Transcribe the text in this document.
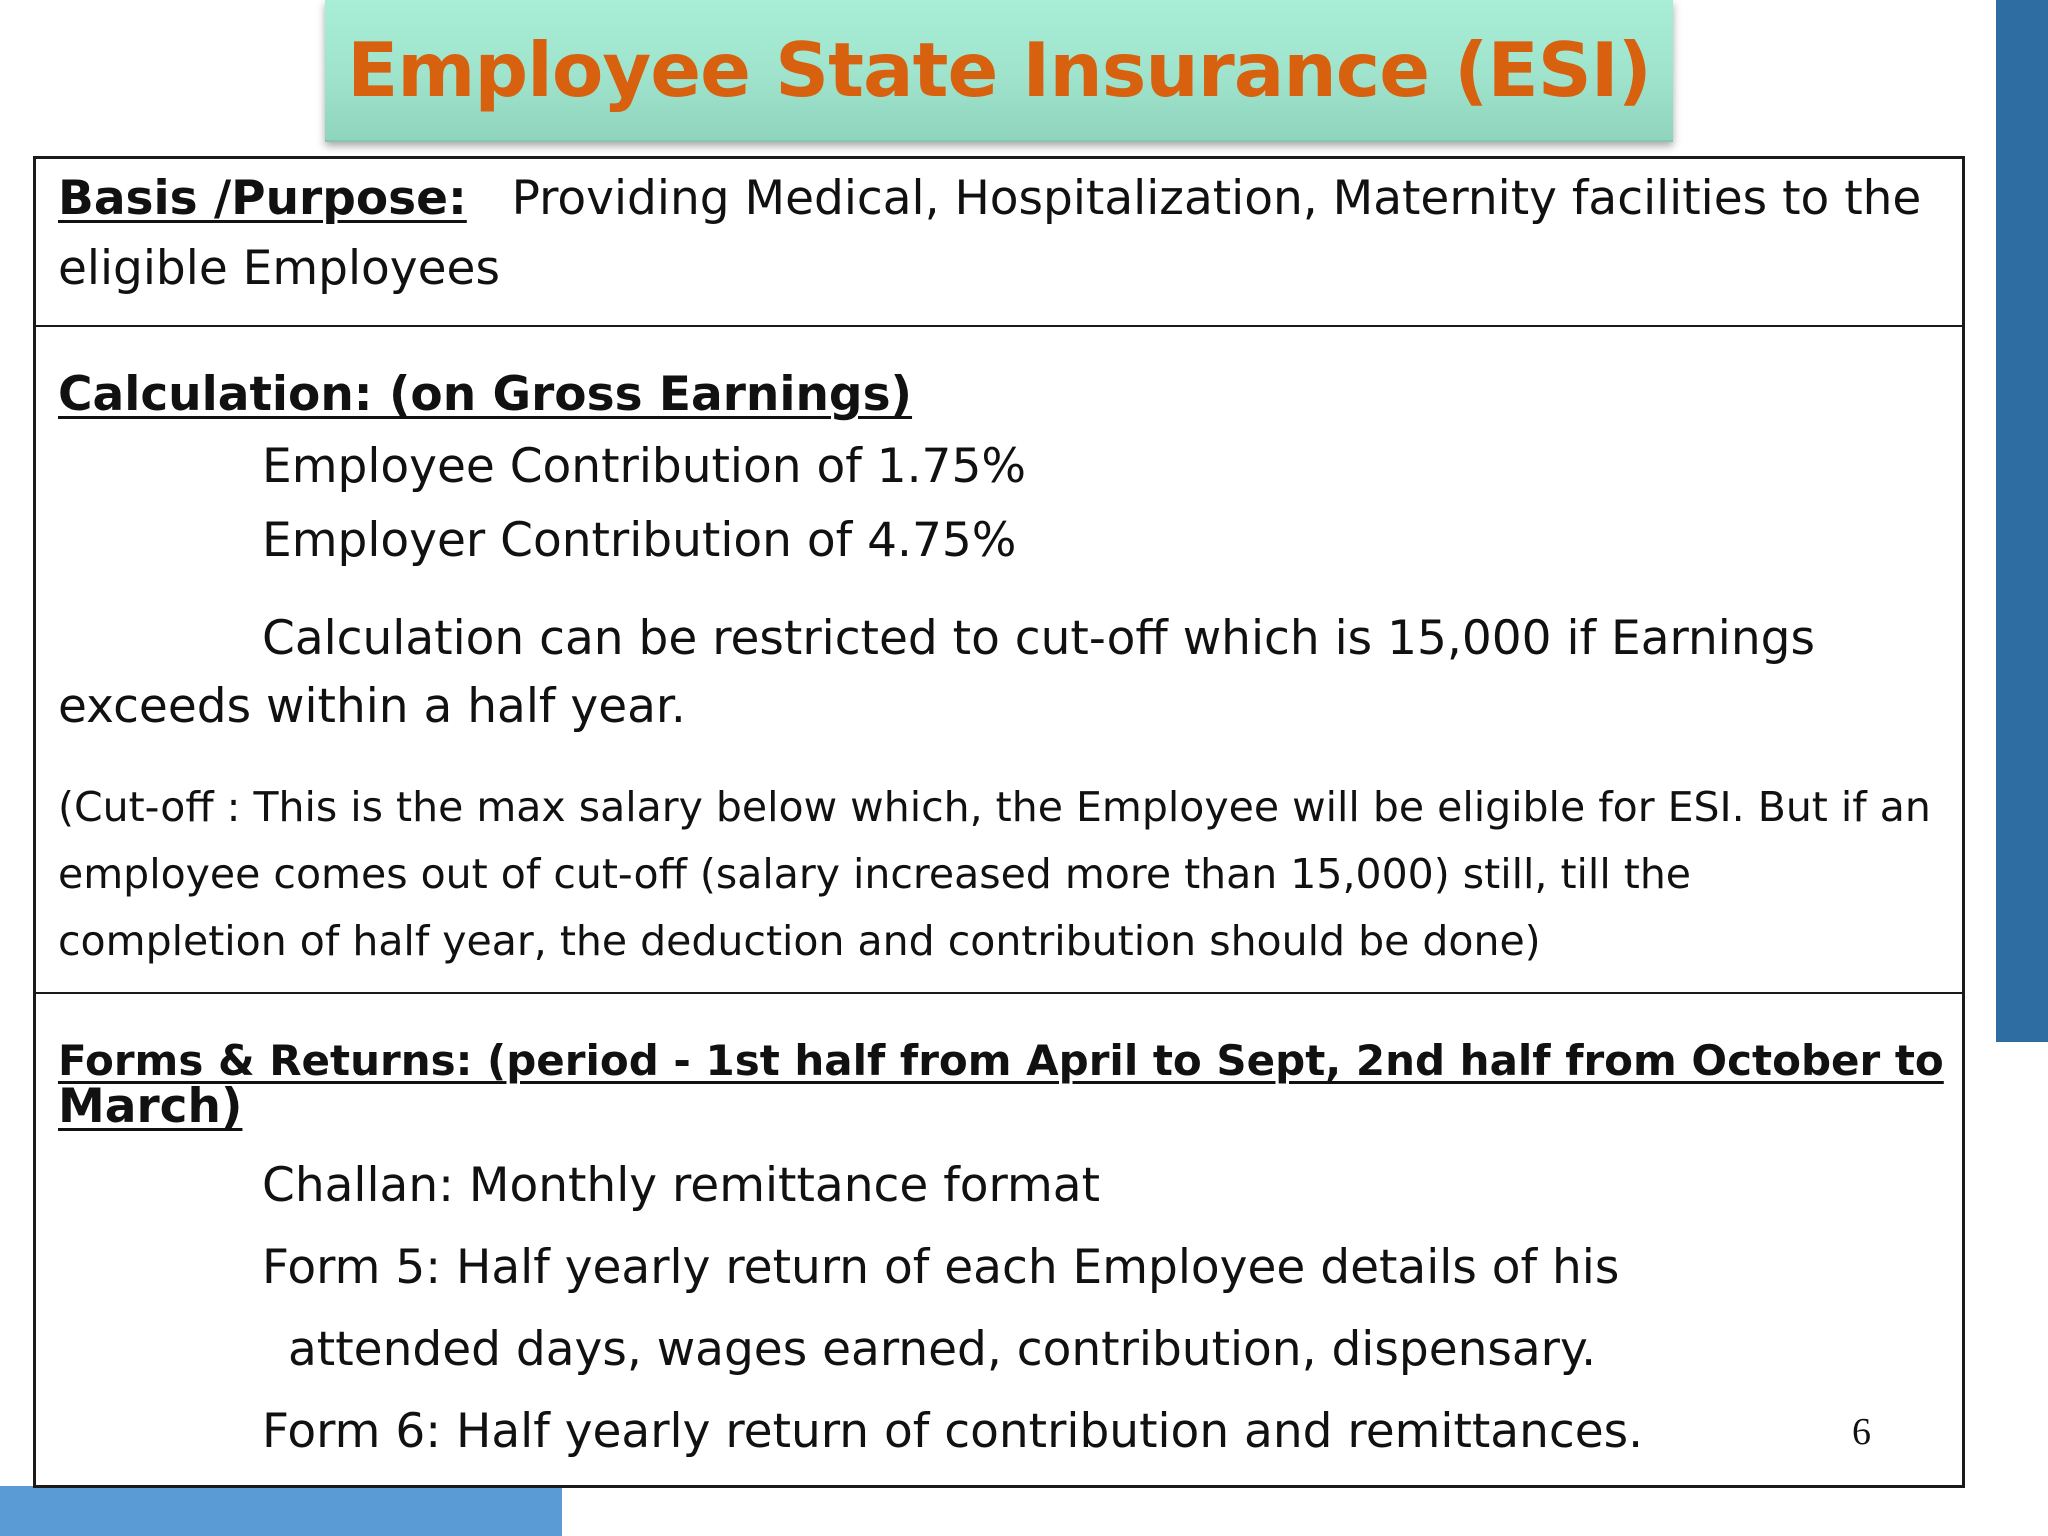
Employee State Insurance (ESI)
Basis /Purpose: Providing Medical, Hospitalization, Maternity facilities to the
eligible Employees
Calculation: (on Gross Earnings)
Employee Contribution of 1.75%
Employer Contribution of 4.75%
Calculation can be restricted to cut-off which is 15,000 if Earnings
exceeds within a half year.
(Cut-off : This is the max salary below which, the Employee will be eligible for ESI. But if an
employee comes out of cut-off (salary increased more than 15,000) still, till the
completion of half year, the deduction and contribution should be done)
Forms & Returns: (period - 1st half from April to Sept, 2nd half from October to
March)
Challan: Monthly remittance format
Form 5: Half yearly return of each Employee details of his
attended days, wages earned, contribution, dispensary.
Form 6: Half yearly return of contribution and remittances.	6
